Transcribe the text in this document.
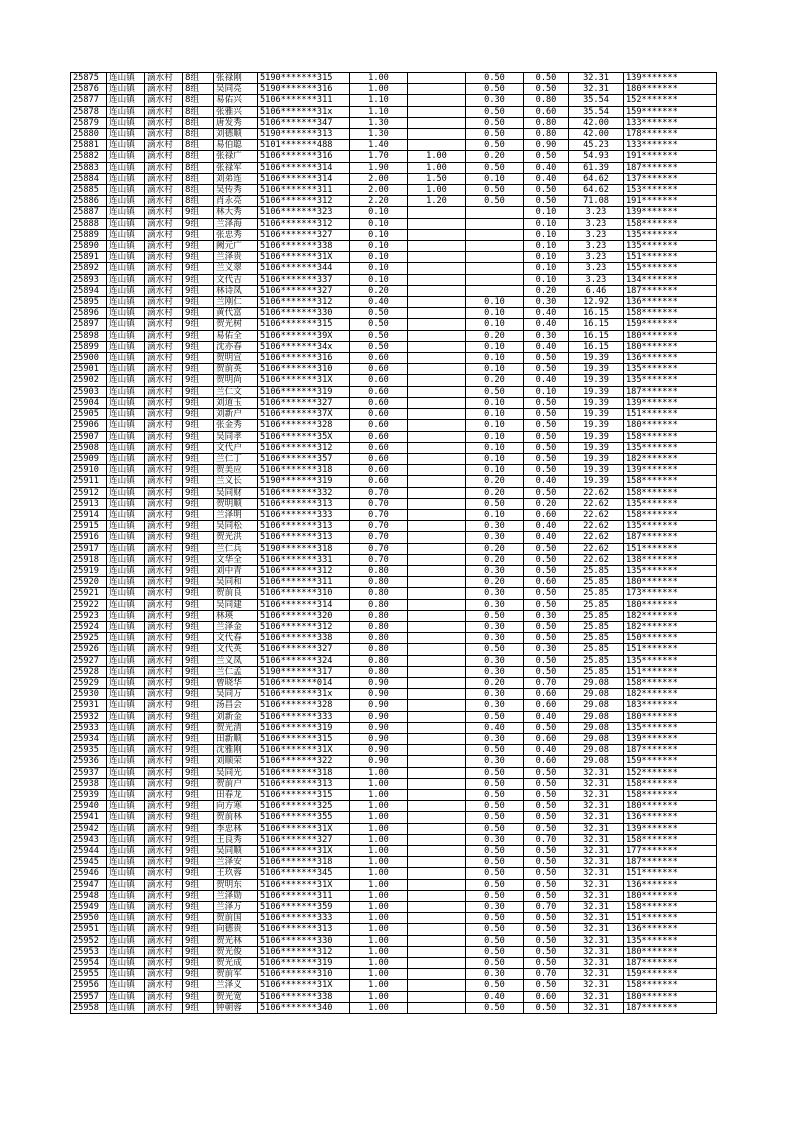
25875	连山镇	滴水村	8组	张禄刚	5190*******315	1.00		0.50	0.50	32.31	139*******
25876	连山镇	滴水村	8组	吴同亮	5190*******316	1.00		0.50	0.50	32.31	180*******
25877	连山镇	滴水村	8组	易佑兴	5106*******311	1.10		0.30	0.80	35.54	152*******
25878	连山镇	滴水村	8组	张雅兴	5106*******31x	1.10		0.50	0.60	35.54	159*******
25879	连山镇	滴水村	8组	唐发秀	5106*******347	1.30		0.50	0.80	42.00	133*******
25880	连山镇	滴水村	8组	刘德顺	5190*******313	1.30		0.50	0.80	42.00	178*******
25881	连山镇	滴水村	8组	易伯聪	5101*******488	1.40		0.50	0.90	45.23	133*******
25882	连山镇	滴水村	8组	张禄广	5106*******316	1.70	1.00	0.20	0.50	54.93	191*******
25883	连山镇	滴水村	8组	张禄军	5106*******314	1.90	1.00	0.50	0.40	61.39	187*******
25884	连山镇	滴水村	8组	刘弟连	5106*******314	2.00	1.50	0.10	0.40	64.62	137*******
25885	连山镇	滴水村	8组	吴传秀	5106*******311	2.00	1.00	0.50	0.50	64.62	153*******
25886	连山镇	滴水村	8组	肖永亮	5106*******312	2.20	1.20	0.50	0.50	71.08	191*******
25887	连山镇	滴水村	9组	林大秀	5106*******323	0.10			0.10	3.23	139*******
25888	连山镇	滴水村	9组	兰泽海	5106*******312	0.10			0.10	3.23	158*******
25889	连山镇	滴水村	9组	张忠秀	5106*******327	0.10			0.10	3.23	135*******
25890	连山镇	滴水村	9组	阙元广	5106*******338	0.10			0.10	3.23	135*******
25891	连山镇	滴水村	9组	兰泽贵	5106*******31X	0.10			0.10	3.23	151*******
25892	连山镇	滴水村	9组	兰义翠	5106*******344	0.10			0.10	3.23	155*******
25893	连山镇	滴水村	9组	文代吉	5106*******337	0.10			0.10	3.23	134*******
25894	连山镇	滴水村	9组	林诗凤	5106*******327	0.20			0.20	6.46	187*******
25895	连山镇	滴水村	9组	兰刚仁	5106*******312	0.40		0.10	0.30	12.92	136*******
25896	连山镇	滴水村	9组	黄代富	5106*******330	0.50		0.10	0.40	16.15	158*******
25897	连山镇	滴水村	9组	贺光树	5106*******315	0.50		0.10	0.40	16.15	159*******
25898	连山镇	滴水村	9组	易佑全	5106*******39X	0.50		0.20	0.30	16.15	180*******
25899	连山镇	滴水村	9组	沈亦春	5106*******34x	0.50		0.10	0.40	16.15	180*******
25900	连山镇	滴水村	9组	贺明宣	5106*******316	0.60		0.10	0.50	19.39	136*******
25901	连山镇	滴水村	9组	贺前英	5106*******310	0.60		0.10	0.50	19.39	135*******
25902	连山镇	滴水村	9组	贺明尚	5106*******31X	0.60		0.20	0.40	19.39	135*******
25903	连山镇	滴水村	9组	兰仁文	5106*******319	0.60		0.50	0.10	19.39	187*******
25904	连山镇	滴水村	9组	刘道玉	5106*******327	0.60		0.10	0.50	19.39	139*******
25905	连山镇	滴水村	9组	刘新户	5106*******37X	0.60		0.10	0.50	19.39	151*******
25906	连山镇	滴水村	9组	张金秀	5106*******328	0.60		0.10	0.50	19.39	180*******
25907	连山镇	滴水村	9组	吴同孝	5106*******35X	0.60		0.10	0.50	19.39	158*******
25908	连山镇	滴水村	9组	文代户	5106*******312	0.60		0.10	0.50	19.39	135*******
25909	连山镇	滴水村	9组	兰仁丁	5106*******357	0.60		0.10	0.50	19.39	182*******
25910	连山镇	滴水村	9组	贺美应	5106*******318	0.60		0.10	0.50	19.39	139*******
25911	连山镇	滴水村	9组	兰义长	5190*******319	0.60		0.20	0.40	19.39	158*******
25912	连山镇	滴水村	9组	吴同财	5106*******332	0.70		0.20	0.50	22.62	158*******
25913	连山镇	滴水村	9组	贺明顺	5106*******313	0.70		0.50	0.20	22.62	135*******
25914	连山镇	滴水村	9组	兰泽明	5106*******333	0.70		0.10	0.60	22.62	158*******
25915	连山镇	滴水村	9组	吴同松	5106*******313	0.70		0.30	0.40	22.62	135*******
25916	连山镇	滴水村	9组	贺光洪	5106*******313	0.70		0.30	0.40	22.62	187*******
25917	连山镇	滴水村	9组	兰仁兵	5190*******318	0.70		0.20	0.50	22.62	151*******
25918	连山镇	滴水村	9组	文华全	5106*******331	0.70		0.20	0.50	22.62	138*******
25919	连山镇	滴水村	9组	刘中青	5106*******312	0.80		0.30	0.50	25.85	135*******
25920	连山镇	滴水村	9组	吴同和	5106*******311	0.80		0.20	0.60	25.85	180*******
25921	连山镇	滴水村	9组	贺前良	5106*******310	0.80		0.30	0.50	25.85	173*******
25922	连山镇	滴水村	9组	吴同建	5106*******314	0.80		0.30	0.50	25.85	180*******
25923	连山镇	滴水村	9组	林瑛	5106*******320	0.80		0.50	0.30	25.85	182*******
25924	连山镇	滴水村	9组	兰泽金	5106*******312	0.80		0.30	0.50	25.85	182*******
25925	连山镇	滴水村	9组	文代春	5106*******338	0.80		0.30	0.50	25.85	150*******
25926	连山镇	滴水村	9组	文代英	5106*******327	0.80		0.50	0.30	25.85	151*******
25927	连山镇	滴水村	9组	兰义凤	5106*******324	0.80		0.30	0.50	25.85	135*******
25928	连山镇	滴水村	9组	兰仁孟	5190*******317	0.80		0.30	0.50	25.85	151*******
25929	连山镇	滴水村	9组	曾晓华	5106*******014	0.90		0.20	0.70	29.08	158*******
25930	连山镇	滴水村	9组	吴同万	5106*******31x	0.90		0.30	0.60	29.08	182*******
25931	连山镇	滴水村	9组	汤昌会	5106*******328	0.90		0.30	0.60	29.08	183*******
25932	连山镇	滴水村	9组	刘新金	5106*******333	0.90		0.50	0.40	29.08	180*******
25933	连山镇	滴水村	9组	贺光清	5106*******319	0.90		0.40	0.50	29.08	135*******
25934	连山镇	滴水村	9组	田新顺	5106*******315	0.90		0.30	0.60	29.08	139*******
25935	连山镇	滴水村	9组	沈雅刚	5106*******31X	0.90		0.50	0.40	29.08	187*******
25936	连山镇	滴水村	9组	刘顺荣	5106*******322	0.90		0.30	0.60	29.08	159*******
25937	连山镇	滴水村	9组	吴同光	5106*******318	1.00		0.50	0.50	32.31	152*******
25938	连山镇	滴水村	9组	贺前户	5106*******313	1.00		0.50	0.50	32.31	158*******
25939	连山镇	滴水村	9组	田春龙	5106*******315	1.00		0.50	0.50	32.31	158*******
25940	连山镇	滴水村	9组	向方寒	5106*******325	1.00		0.50	0.50	32.31	180*******
25941	连山镇	滴水村	9组	贺前林	5106*******355	1.00		0.50	0.50	32.31	136*******
25942	连山镇	滴水村	9组	李忠林	5106*******31X	1.00		0.50	0.50	32.31	139*******
25943	连山镇	滴水村	9组	王良秀	5106*******327	1.00		0.30	0.70	32.31	158*******
25944	连山镇	滴水村	9组	吴同顺	5106*******31X	1.00		0.50	0.50	32.31	177*******
25945	连山镇	滴水村	9组	兰泽安	5106*******318	1.00		0.50	0.50	32.31	187*******
25946	连山镇	滴水村	9组	王玖蓉	5106*******345	1.00		0.50	0.50	32.31	151*******
25947	连山镇	滴水村	9组	贺明东	5106*******31X	1.00		0.50	0.50	32.31	136*******
25948	连山镇	滴水村	9组	兰泽勋	5106*******311	1.00		0.50	0.50	32.31	180*******
25949	连山镇	滴水村	9组	兰泽万	5106*******359	1.00		0.30	0.70	32.31	158*******
25950	连山镇	滴水村	9组	贺前国	5106*******333	1.00		0.50	0.50	32.31	151*******
25951	连山镇	滴水村	9组	向德贵	5106*******313	1.00		0.50	0.50	32.31	136*******
25952	连山镇	滴水村	9组	贺光林	5106*******330	1.00		0.50	0.50	32.31	135*******
25953	连山镇	滴水村	9组	贺光俊	5106*******312	1.00		0.50	0.50	32.31	180*******
25954	连山镇	滴水村	9组	贺光成	5106*******319	1.00		0.50	0.50	32.31	187*******
25955	连山镇	滴水村	9组	贺前军	5106*******310	1.00		0.30	0.70	32.31	159*******
25956	连山镇	滴水村	9组	兰泽义	5106*******31X	1.00		0.50	0.50	32.31	158*******
25957	连山镇	滴水村	9组	贺光宽	5106*******338	1.00		0.40	0.60	32.31	180*******
25958	连山镇	滴水村	9组	钟朝蓉	5106*******340	1.00		0.50	0.50	32.31	187*******
